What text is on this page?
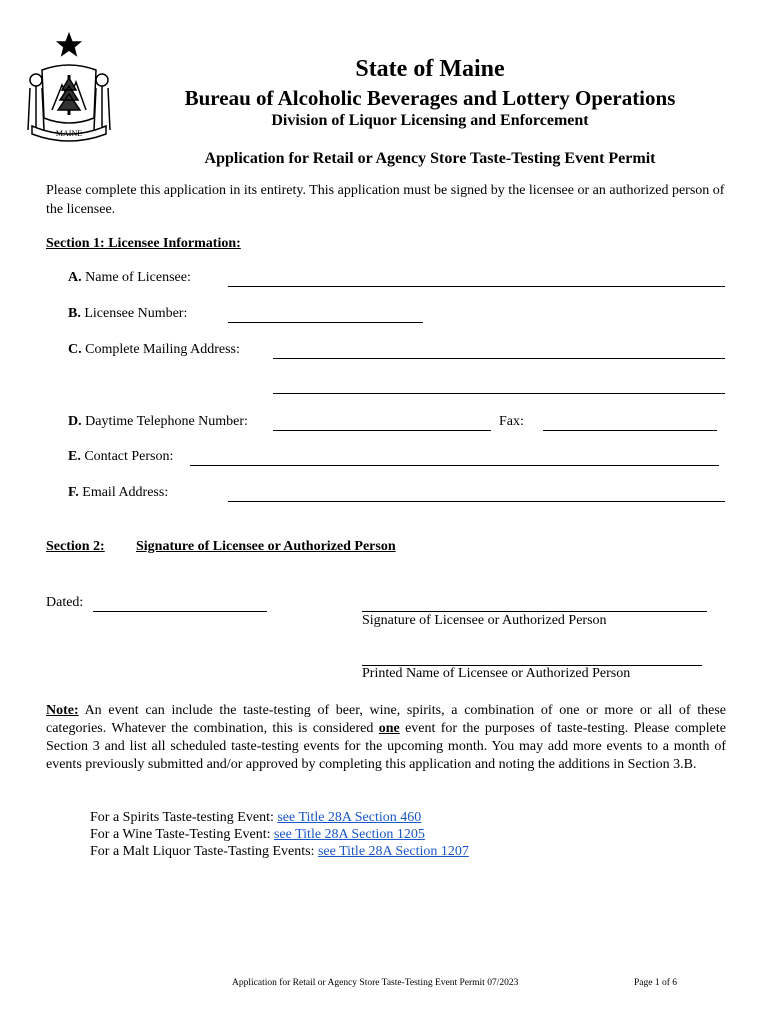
MAINE
State of Maine
Bureau of Alcoholic Beverages and Lottery Operations
Division of Liquor Licensing and Enforcement
Application for Retail or Agency Store Taste-Testing Event Permit
Please complete this application in its entirety. This application must be signed by the licensee or an authorized person of the licensee.
Section 1: Licensee Information:
A. Name of Licensee:
B. Licensee Number:
C. Complete Mailing Address:
D. Daytime Telephone Number:	Fax:
E. Contact Person:
F. Email Address:
Section 2: Signature of Licensee or Authorized Person
Dated:
Signature of Licensee or Authorized Person
Printed Name of Licensee or Authorized Person
Note: An event can include the taste-testing of beer, wine, spirits, a combination of one or more or all of these categories. Whatever the combination, this is considered one event for the purposes of taste-testing. Please complete Section 3 and list all scheduled taste-testing events for the upcoming month. You may add more events to a month of events previously submitted and/or approved by completing this application and noting the additions in Section 3.B.
For a Spirits Taste-testing Event: see Title 28A Section 460
For a Wine Taste-Testing Event: see Title 28A Section 1205
For a Malt Liquor Taste-Tasting Events: see Title 28A Section 1207
Application for Retail or Agency Store Taste-Testing Event Permit 07/2023	Page 1 of 6
